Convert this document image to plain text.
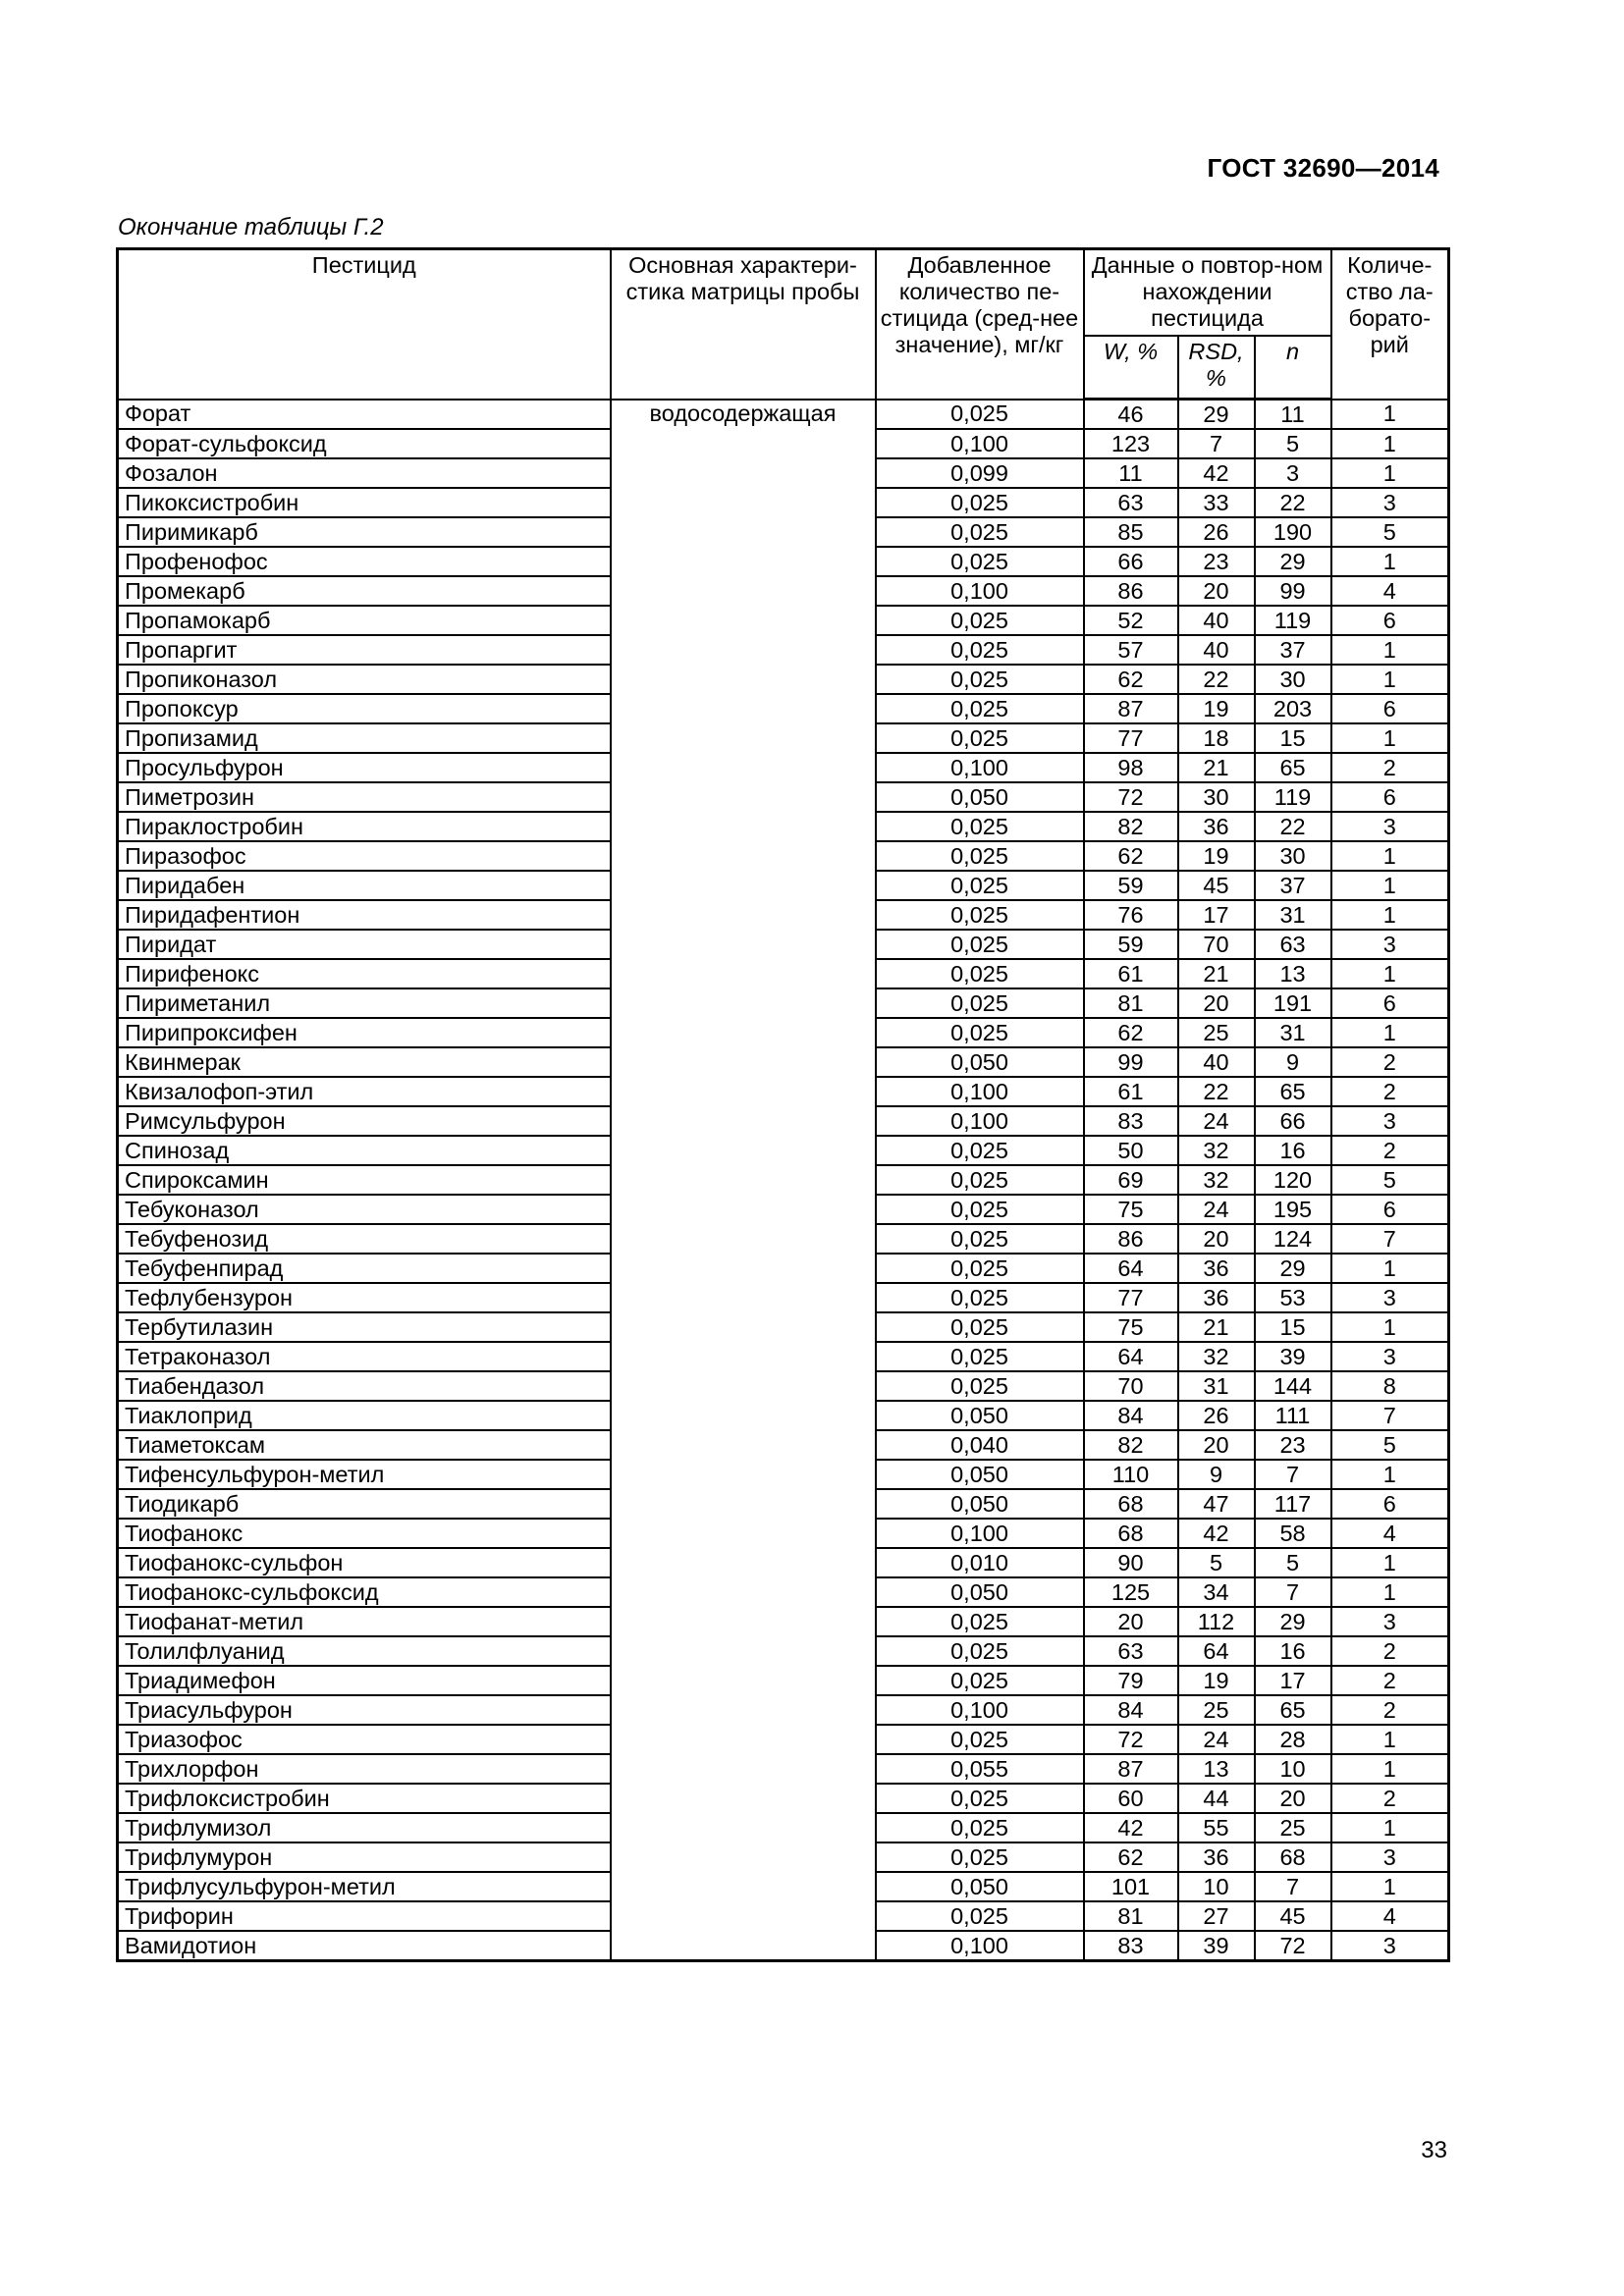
ГОСТ 32690—2014
Окончание таблицы Г.2
Пестицид	Основная характери-стика матрицы пробы	Добавленное количество пе-стицида (сред-нее значение), мг/кг	Данные о повтор-ном нахождении пестицида			Количе-ство ла-борато-рий
			W, %	RSD, %	n	
Форат	водосодержащая	0,025	46	29	11	1
Форат-сульфоксид		0,100	123	7	5	1
Фозалон		0,099	11	42	3	1
Пикоксистробин		0,025	63	33	22	3
Пиримикарб		0,025	85	26	190	5
Профенофос		0,025	66	23	29	1
Промекарб		0,100	86	20	99	4
Пропамокарб		0,025	52	40	119	6
Пропаргит		0,025	57	40	37	1
Пропиконазол		0,025	62	22	30	1
Пропоксур		0,025	87	19	203	6
Пропизамид		0,025	77	18	15	1
Просульфурон		0,100	98	21	65	2
Пиметрозин		0,050	72	30	119	6
Пираклостробин		0,025	82	36	22	3
Пиразофос		0,025	62	19	30	1
Пиридабен		0,025	59	45	37	1
Пиридафентион		0,025	76	17	31	1
Пиридат		0,025	59	70	63	3
Пирифенокс		0,025	61	21	13	1
Пириметанил		0,025	81	20	191	6
Пирипроксифен		0,025	62	25	31	1
Квинмерак		0,050	99	40	9	2
Квизалофоп-этил		0,100	61	22	65	2
Римсульфурон		0,100	83	24	66	3
Спинозад		0,025	50	32	16	2
Спироксамин		0,025	69	32	120	5
Тебуконазол		0,025	75	24	195	6
Тебуфенозид		0,025	86	20	124	7
Тебуфенпирад		0,025	64	36	29	1
Тефлубензурон		0,025	77	36	53	3
Тербутилазин		0,025	75	21	15	1
Тетраконазол		0,025	64	32	39	3
Тиабендазол		0,025	70	31	144	8
Тиаклоприд		0,050	84	26	111	7
Тиаметоксам		0,040	82	20	23	5
Тифенсульфурон-метил		0,050	110	9	7	1
Тиодикарб		0,050	68	47	117	6
Тиофанокс		0,100	68	42	58	4
Тиофанокс-сульфон		0,010	90	5	5	1
Тиофанокс-сульфоксид		0,050	125	34	7	1
Тиофанат-метил		0,025	20	112	29	3
Толилфлуанид		0,025	63	64	16	2
Триадимефон		0,025	79	19	17	2
Триасульфурон		0,100	84	25	65	2
Триазофос		0,025	72	24	28	1
Трихлорфон		0,055	87	13	10	1
Трифлоксистробин		0,025	60	44	20	2
Трифлумизол		0,025	42	55	25	1
Трифлумурон		0,025	62	36	68	3
Трифлусульфурон-метил		0,050	101	10	7	1
Трифорин		0,025	81	27	45	4
Вамидотион		0,100	83	39	72	3
33
